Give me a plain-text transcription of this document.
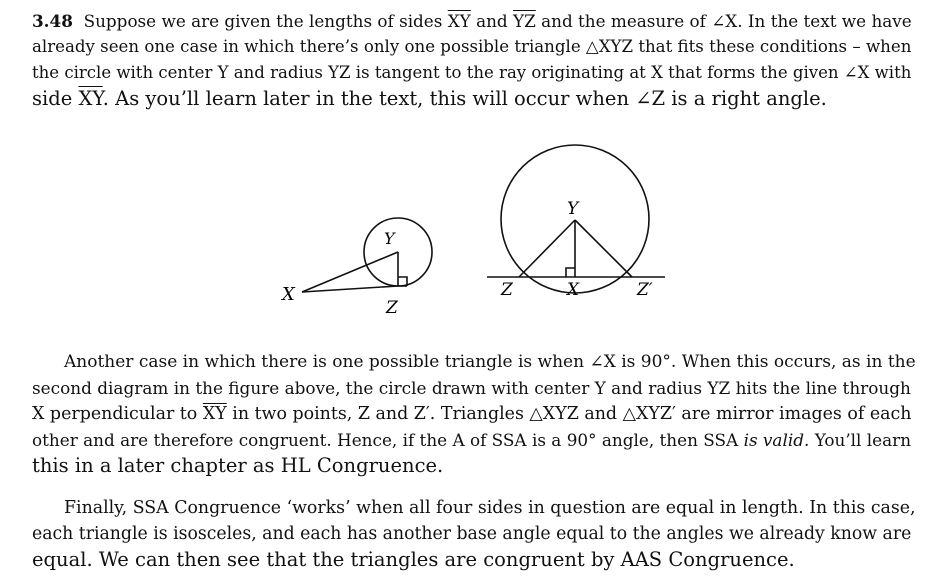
3.48 Suppose we are given the lengths of sides $\overline{XY}$ and $\overline{YZ}$ and the measure of ∠X. In the text we have
already seen one case in which there’s only one possible triangle △XYZ that fits these conditions – when
the circle with center Y and radius YZ is tangent to the ray originating at X that forms the given ∠X with
side $\overline{XY}$. As you’ll learn later in the text, this will occur when ∠Z is a right angle.
X
Y
Z
Y
Z	X	Z′
Another case in which there is one possible triangle is when ∠X is 90°. When this occurs, as in the
second diagram in the figure above, the circle drawn with center Y and radius YZ hits the line through
X perpendicular to $\overline{XY}$ in two points, Z and Z′. Triangles △XYZ and △XYZ′ are mirror images of each
other and are therefore congruent. Hence, if the A of SSA is a 90° angle, then SSA is valid. You’ll learn
this in a later chapter as HL Congruence.
Finally, SSA Congruence ‘works’ when all four sides in question are equal in length. In this case,
each triangle is isosceles, and each has another base angle equal to the angles we already know are
equal. We can then see that the triangles are congruent by AAS Congruence.
